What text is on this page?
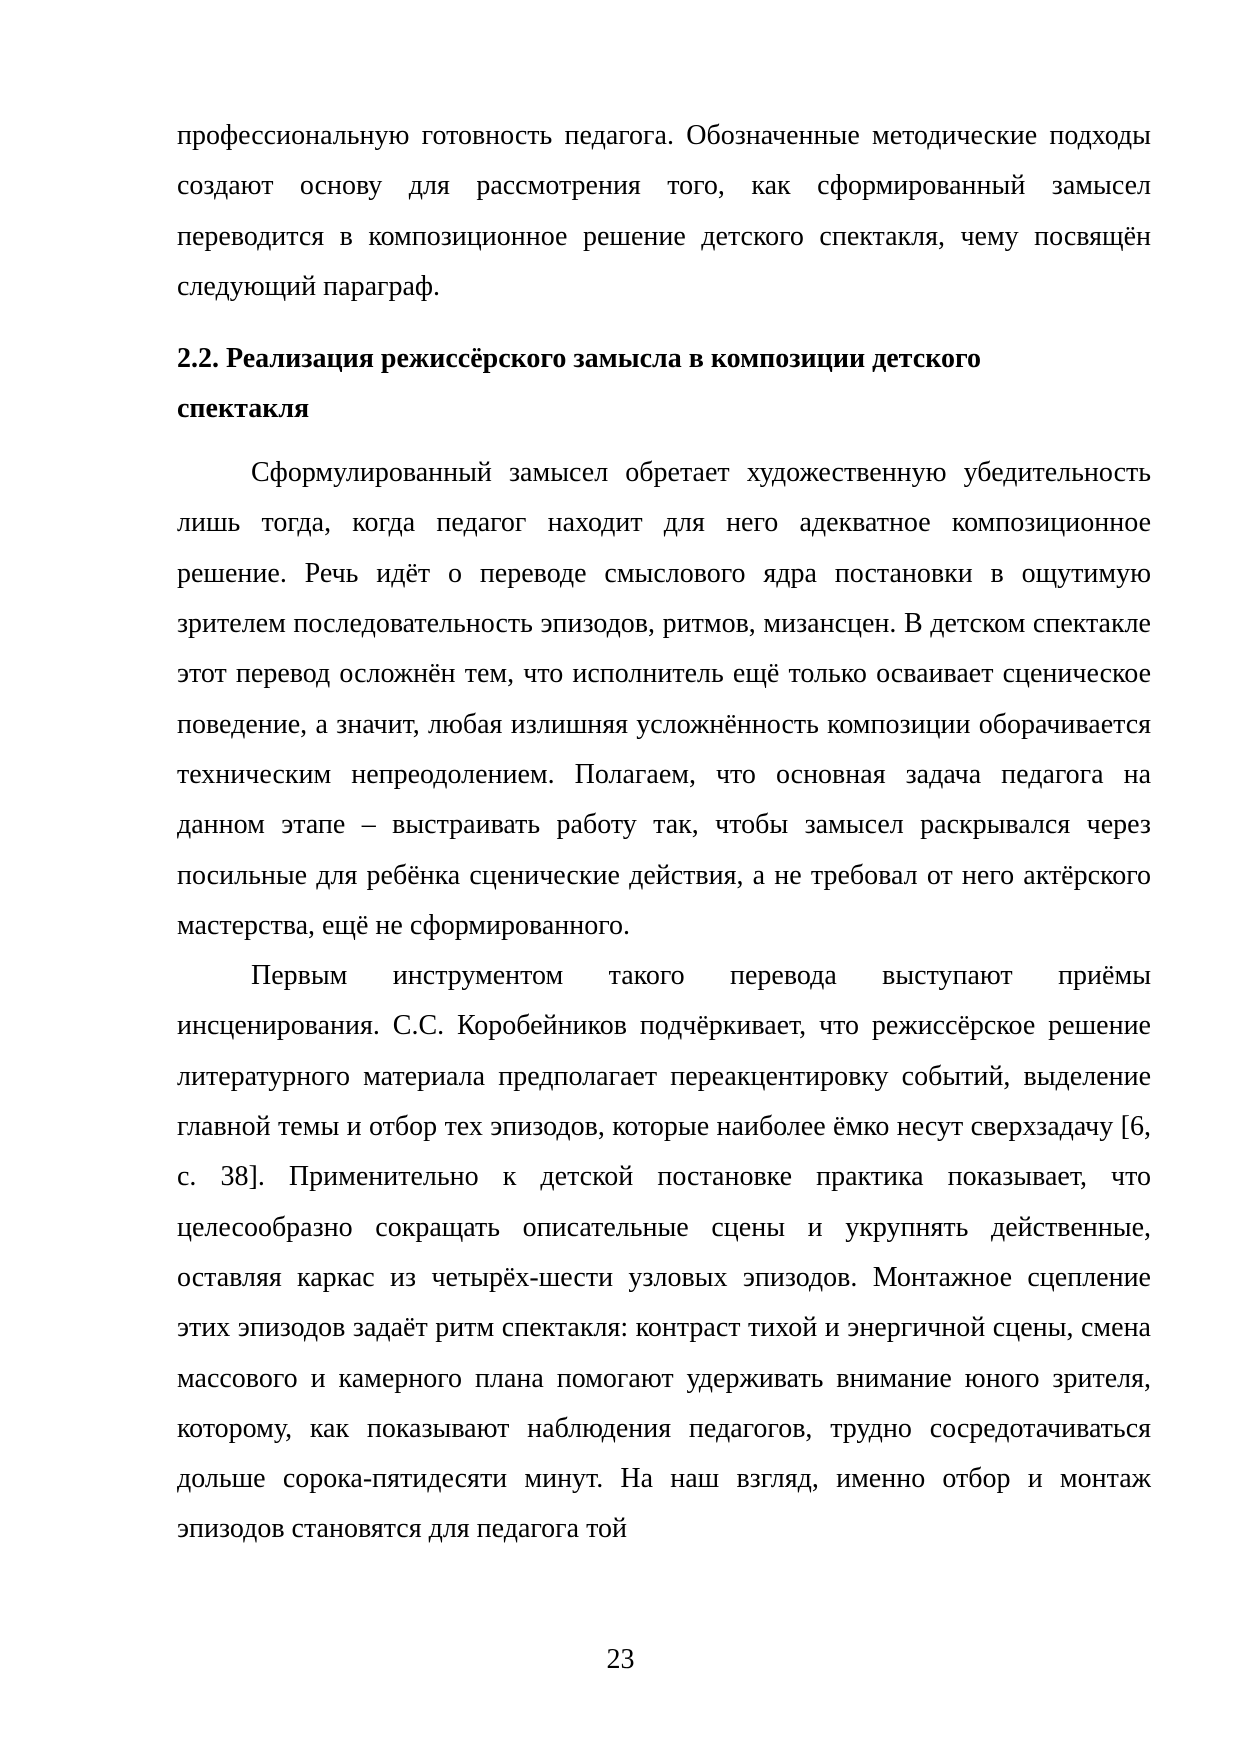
профессиональную готовность педагога. Обозначенные методические подходы создают основу для рассмотрения того, как сформированный замысел переводится в композиционное решение детского спектакля, чему посвящён следующий параграф.

2.2. Реализация режиссёрского замысла в композиции детского спектакля

Сформулированный замысел обретает художественную убедительность лишь тогда, когда педагог находит для него адекватное композиционное решение. Речь идёт о переводе смыслового ядра постановки в ощутимую зрителем последовательность эпизодов, ритмов, мизансцен. В детском спектакле этот перевод осложнён тем, что исполнитель ещё только осваивает сценическое поведение, а значит, любая излишняя усложнённость композиции оборачивается техническим непреодолением. Полагаем, что основная задача педагога на данном этапе – выстраивать работу так, чтобы замысел раскрывался через посильные для ребёнка сценические действия, а не требовал от него актёрского мастерства, ещё не сформированного.

Первым инструментом такого перевода выступают приёмы инсценирования. С.С. Коробейников подчёркивает, что режиссёрское решение литературного материала предполагает переакцентировку событий, выделение главной темы и отбор тех эпизодов, которые наиболее ёмко несут сверхзадачу [6, с. 38]. Применительно к детской постановке практика показывает, что целесообразно сокращать описательные сцены и укрупнять действенные, оставляя каркас из четырёх-шести узловых эпизодов. Монтажное сцепление этих эпизодов задаёт ритм спектакля: контраст тихой и энергичной сцены, смена массового и камерного плана помогают удерживать внимание юного зрителя, которому, как показывают наблюдения педагогов, трудно сосредотачиваться дольше сорока-пятидесяти минут. На наш взгляд, именно отбор и монтаж эпизодов становятся для педагога той

23
